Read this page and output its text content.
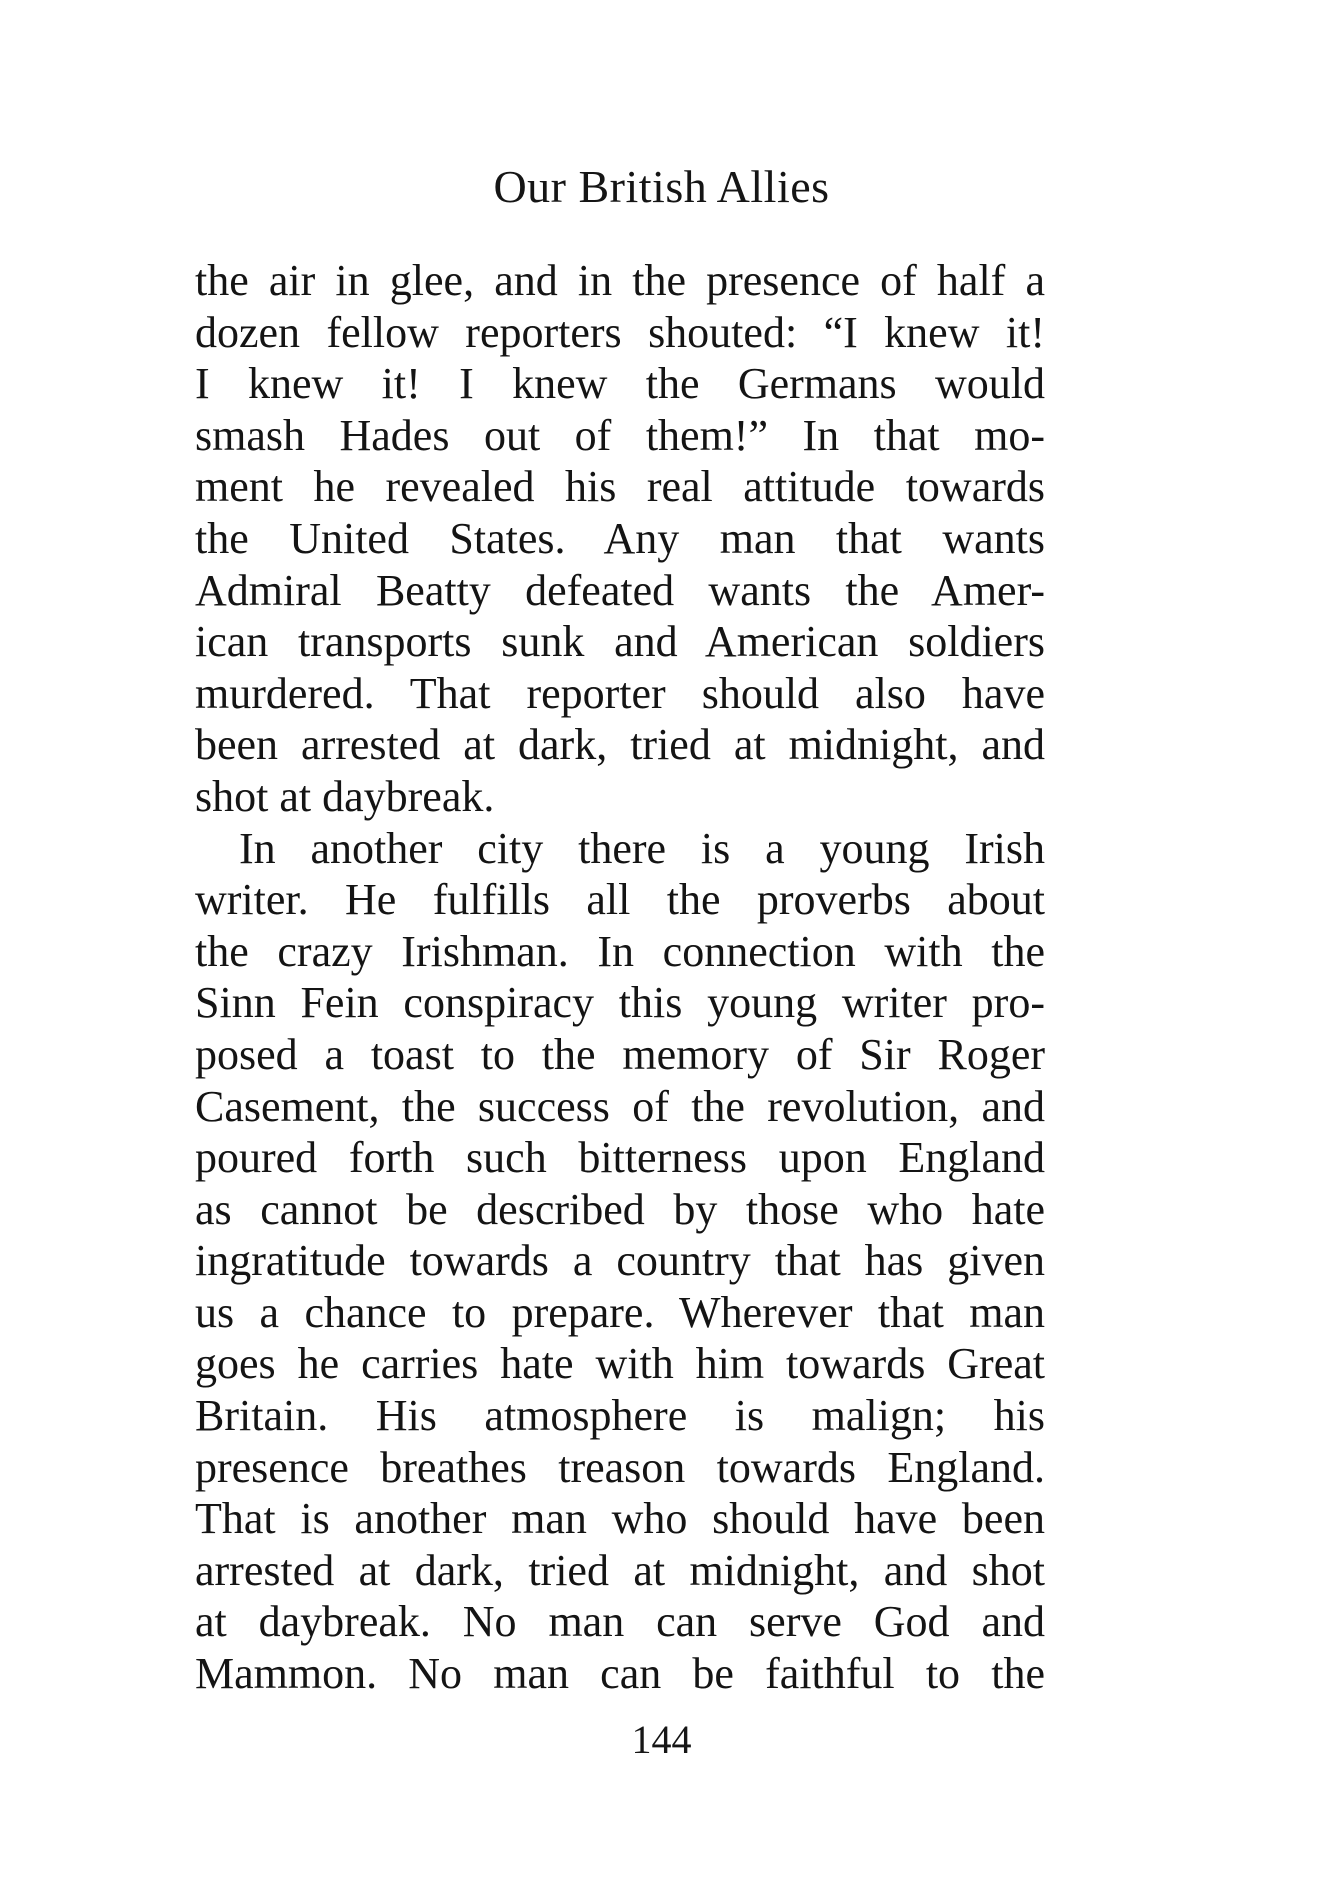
Our British Allies
the air in glee, and in the presence of half a
dozen fellow reporters shouted: “I knew it!
I knew it! I knew the Germans would
smash Hades out of them!” In that mo-
ment he revealed his real attitude towards
the United States. Any man that wants
Admiral Beatty defeated wants the Amer-
ican transports sunk and American soldiers
murdered. That reporter should also have
been arrested at dark, tried at midnight, and
shot at daybreak.
In another city there is a young Irish
writer. He fulfills all the proverbs about
the crazy Irishman. In connection with the
Sinn Fein conspiracy this young writer pro-
posed a toast to the memory of Sir Roger
Casement, the success of the revolution, and
poured forth such bitterness upon England
as cannot be described by those who hate
ingratitude towards a country that has given
us a chance to prepare. Wherever that man
goes he carries hate with him towards Great
Britain. His atmosphere is malign; his
presence breathes treason towards England.
That is another man who should have been
arrested at dark, tried at midnight, and shot
at daybreak. No man can serve God and
Mammon. No man can be faithful to the
144
